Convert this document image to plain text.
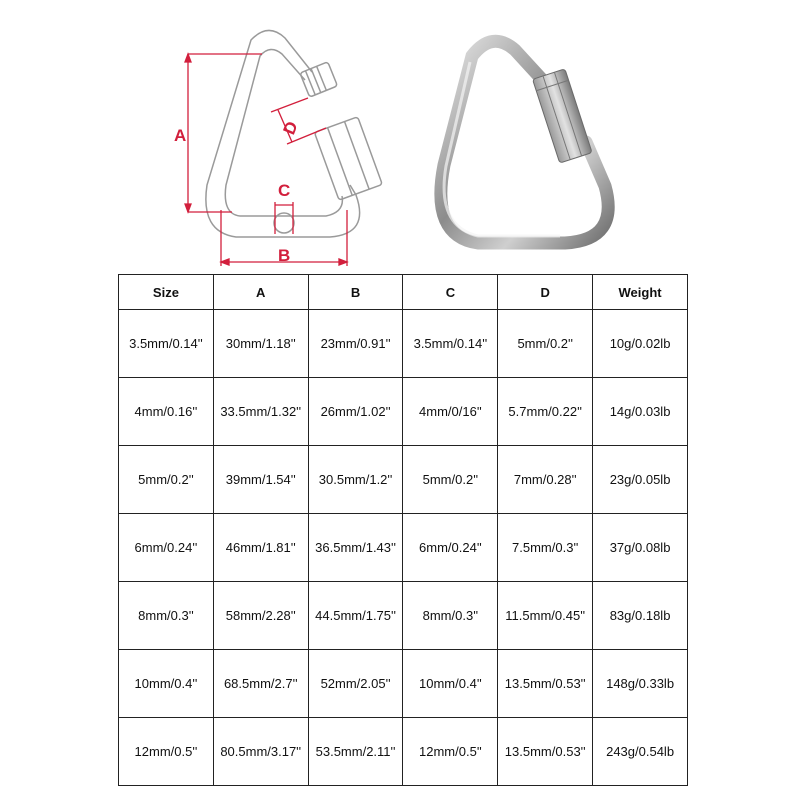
A
B
C
D
Size	A	B	C	D	Weight
3.5mm/0.14''	30mm/1.18''	23mm/0.91''	3.5mm/0.14''	5mm/0.2''	10g/0.02lb
4mm/0.16''	33.5mm/1.32''	26mm/1.02''	4mm/0/16''	5.7mm/0.22''	14g/0.03lb
5mm/0.2''	39mm/1.54''	30.5mm/1.2''	5mm/0.2''	7mm/0.28''	23g/0.05lb
6mm/0.24''	46mm/1.81''	36.5mm/1.43''	6mm/0.24''	7.5mm/0.3''	37g/0.08lb
8mm/0.3''	58mm/2.28''	44.5mm/1.75''	8mm/0.3''	11.5mm/0.45''	83g/0.18lb
10mm/0.4''	68.5mm/2.7''	52mm/2.05''	10mm/0.4''	13.5mm/0.53''	148g/0.33lb
12mm/0.5''	80.5mm/3.17''	53.5mm/2.11''	12mm/0.5''	13.5mm/0.53''	243g/0.54lb
